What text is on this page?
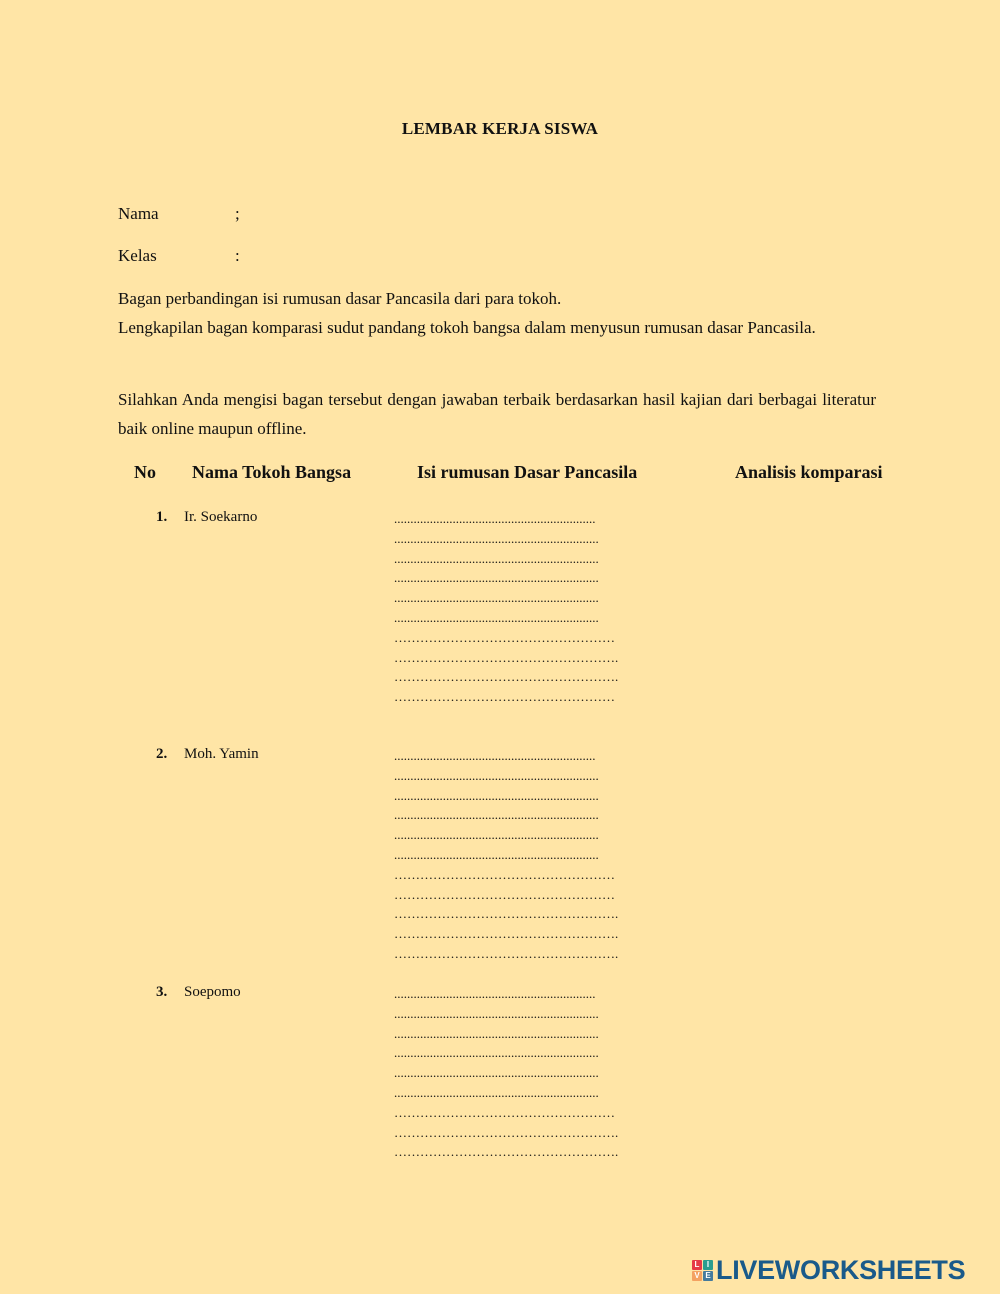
LEMBAR KERJA SISWA
Nama	;
Kelas	:

Bagan perbandingan isi rumusan dasar Pancasila dari para tokoh.

Lengkapilan bagan komparasi sudut pandang tokoh bangsa dalam menyusun rumusan dasar Pancasila.

Silahkan Anda mengisi bagan tersebut dengan jawaban terbaik berdasarkan hasil kajian dari berbagai literatur baik online maupun offline.

No Nama Tokoh Bangsa	Isi rumusan Dasar Pancasila	Analisis komparasi
1. Ir. Soekarno	..............................................................
...............................................................
...............................................................
...............................................................
...............................................................
...............................................................
……………………………………………
…………………………………………….
…………………………………………….
……………………………………………
2. Moh. Yamin	..............................................................
...............................................................
...............................................................
...............................................................
...............................................................
...............................................................
……………………………………………
……………………………………………
…………………………………………….
…………………………………………….
…………………………………………….
3. Soepomo	..............................................................
...............................................................
...............................................................
...............................................................
...............................................................
...............................................................
……………………………………………
…………………………………………….
…………………………………………….
L I
V E LIVEWORKSHEETS
